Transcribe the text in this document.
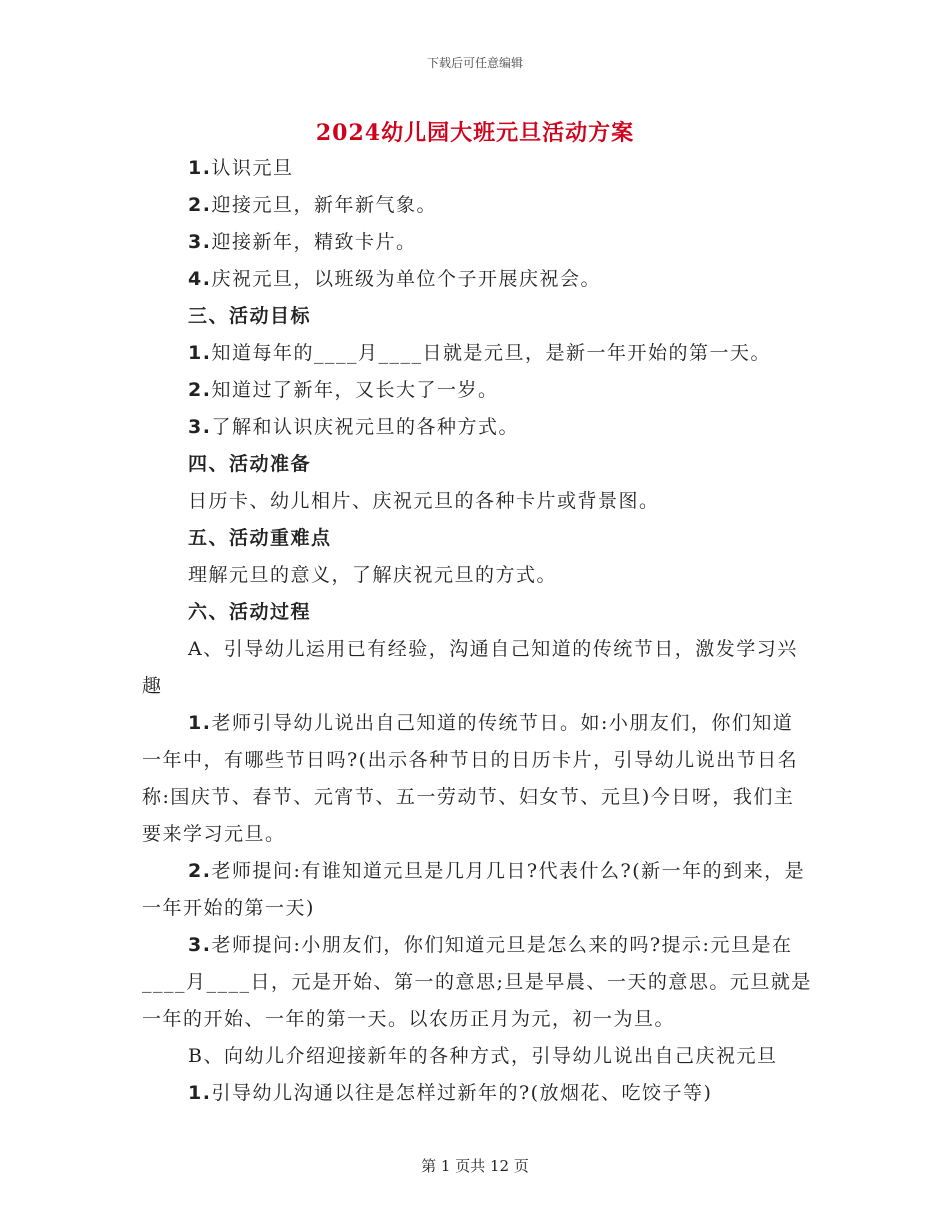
下载后可任意编辑
2024幼儿园大班元旦活动方案

1.认识元旦

2.迎接元旦，新年新气象。

3.迎接新年，精致卡片。

4.庆祝元旦，以班级为单位个子开展庆祝会。

三、活动目标

1.知道每年的____月____日就是元旦，是新一年开始的第一天。

2.知道过了新年，又长大了一岁。

3.了解和认识庆祝元旦的各种方式。

四、活动准备

日历卡、幼儿相片、庆祝元旦的各种卡片或背景图。

五、活动重难点

理解元旦的意义，了解庆祝元旦的方式。

六、活动过程

A、引导幼儿运用已有经验，沟通自己知道的传统节日，激发学习兴趣

1.老师引导幼儿说出自己知道的传统节日。如:小朋友们，你们知道一年中，有哪些节日吗?(出示各种节日的日历卡片，引导幼儿说出节日名称:国庆节、春节、元宵节、五一劳动节、妇女节、元旦)今日呀，我们主要来学习元旦。

2.老师提问:有谁知道元旦是几月几日?代表什么?(新一年的到来，是一年开始的第一天)

3.老师提问:小朋友们，你们知道元旦是怎么来的吗?提示:元旦是在____月____日，元是开始、第一的意思;旦是早晨、一天的意思。元旦就是一年的开始、一年的第一天。以农历正月为元，初一为旦。

B、向幼儿介绍迎接新年的各种方式，引导幼儿说出自己庆祝元旦

1.引导幼儿沟通以往是怎样过新年的?(放烟花、吃饺子等)

第 1 页共 12 页
